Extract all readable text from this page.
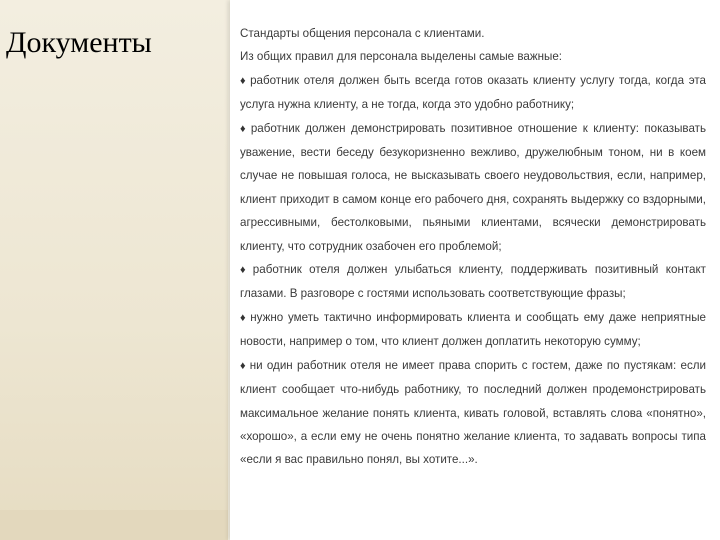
Документы	Стандарты общения персонала с клиентами.

Из общих правил для персонала выделены самые важные:

♦ работник отеля должен быть всегда готов оказать клиенту услугу тогда, когда эта услуга нужна клиенту, а не тогда, когда это удобно работнику;

♦ работник должен демонстрировать позитивное отношение к клиенту: показывать уважение, вести беседу безукоризненно вежливо, дружелюбным тоном, ни в коем случае не повышая голоса, не высказывать своего неудовольствия, если, например, клиент приходит в самом конце его рабочего дня, сохранять выдержку со вздорными, агрессивными, бестолковыми, пьяными клиентами, всячески демонстрировать клиенту, что сотрудник озабочен его проблемой;

♦ работник отеля должен улыбаться клиенту, поддерживать позитивный контакт глазами. В разговоре с гостями использовать соответствующие фразы;

♦ нужно уметь тактично информировать клиента и сообщать ему даже неприятные новости, например о том, что клиент должен доплатить некоторую сумму;

♦ ни один работник отеля не имеет права спорить с гостем, даже по пустякам: если клиент сообщает что-нибудь работнику, то последний должен продемонстрировать максимальное желание понять клиента, кивать головой, вставлять слова «понятно», «хорошо», а если ему не очень понятно желание клиента, то задавать вопросы типа «если я вас правильно понял, вы хотите...».
